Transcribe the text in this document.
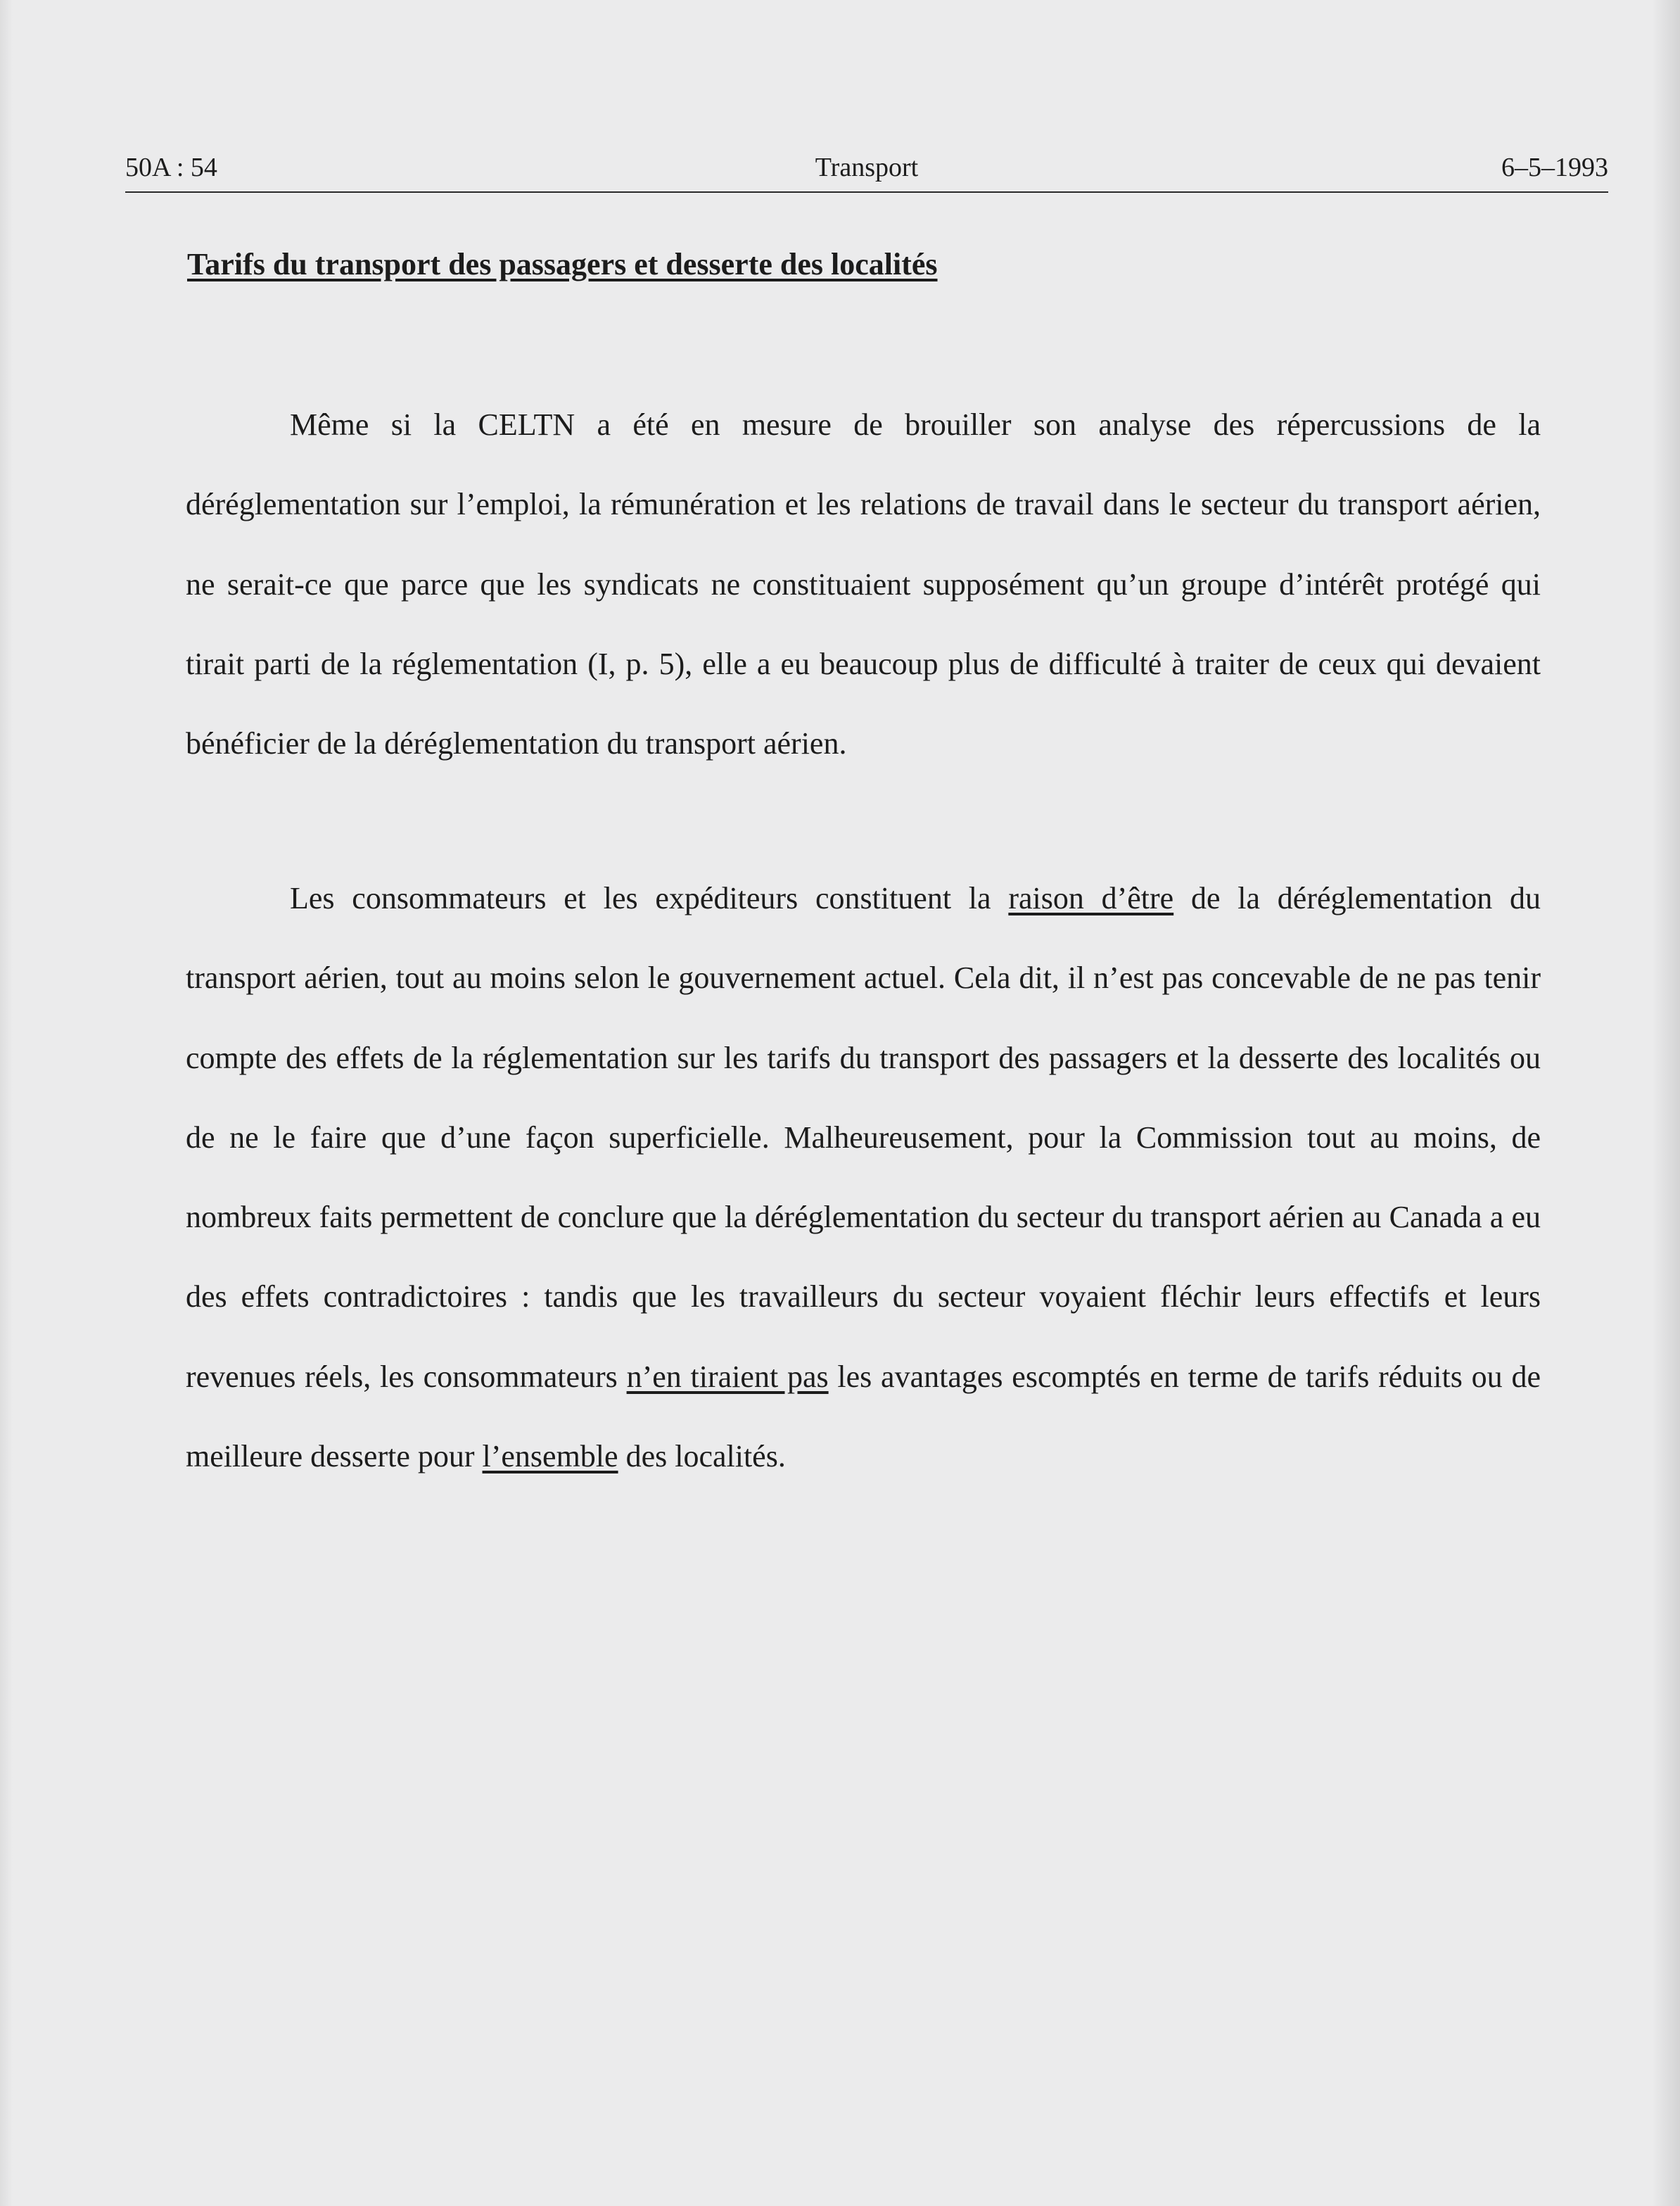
50A : 54	Transport	6–5–1993
Tarifs du transport des passagers et desserte des localités
Même si la CELTN a été en mesure de brouiller son analyse des répercussions de la déréglementation sur l’emploi, la rémunération et les relations de travail dans le secteur du transport aérien, ne serait-ce que parce que les syndicats ne constituaient supposément qu’un groupe d’intérêt protégé qui tirait parti de la réglementation (I, p. 5), elle a eu beaucoup plus de difficulté à traiter de ceux qui devaient bénéficier de la déréglementation du transport aérien.
Les consommateurs et les expéditeurs constituent la raison d’être de la déréglementation du transport aérien, tout au moins selon le gouvernement actuel. Cela dit, il n’est pas concevable de ne pas tenir compte des effets de la réglementation sur les tarifs du transport des passagers et la desserte des localités ou de ne le faire que d’une façon superficielle. Malheureusement, pour la Commission tout au moins, de nombreux faits permettent de conclure que la déréglementation du secteur du transport aérien au Canada a eu des effets contradictoires : tandis que les travailleurs du secteur voyaient fléchir leurs effectifs et leurs revenues réels, les consommateurs n’en tiraient pas les avantages escomptés en terme de tarifs réduits ou de meilleure desserte pour l’ensemble des localités.
